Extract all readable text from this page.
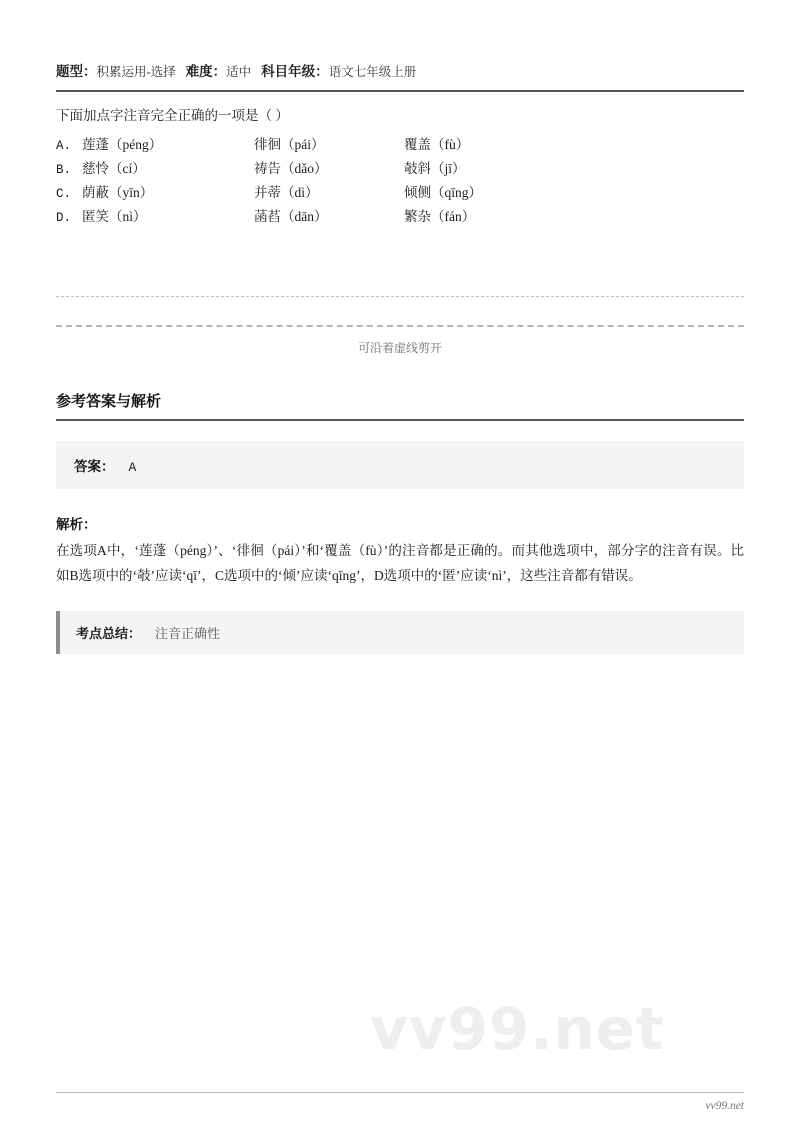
题型：积累运用-选择 难度：适中 科目年级：语文七年级上册
下面加点字注音完全正确的一项是（ ）
A. 莲蓬（péng）	徘徊（pái）	覆盖（fù）
B. 慈怜（cí）	祷告（dǎo）	攲斜（jī）
C. 荫蔽（yīn）	并蒂（dì）	倾侧（qīng）
D. 匿笑（nì）	菡萏（dān）	繁杂（fán）
可沿着虚线剪开
参考答案与解析
答案： A
解析：
在选项A中，‘莲蓬（péng）’、‘徘徊（pái）’和‘覆盖（fù）’的注音都是正确的。而其他选项中，部分字的注音有误。比如B选项中的‘攲’应读‘qī’，C选项中的‘倾’应读‘qīng’，D选项中的‘匿’应读‘nì’，这些注音都有错误。
考点总结： 注音正确性
vv99.net
vv99.net
